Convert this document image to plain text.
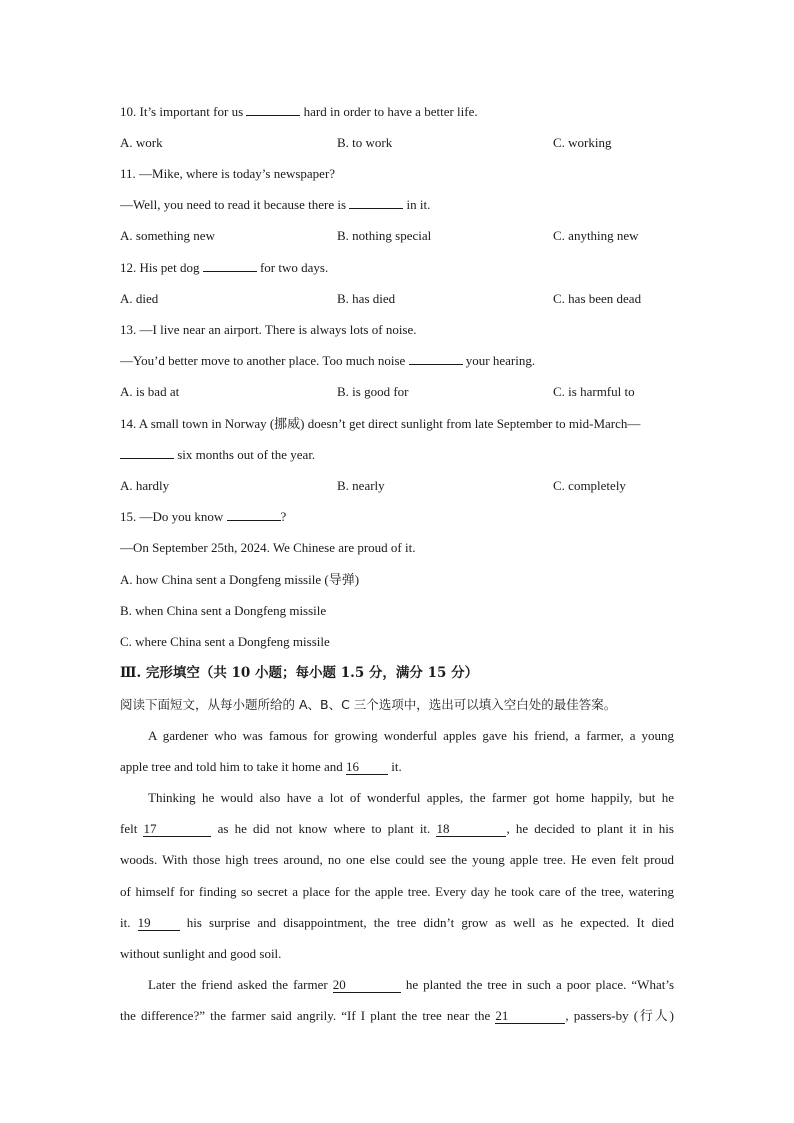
10. It’s important for us	hard in order to have a better life.
A. work	B. to work	C. working
11. —Mike, where is today’s newspaper?
—Well, you need to read it because there is	in it.
A. something new	B. nothing special	C. anything new
12. His pet dog	for two days.
A. died	B. has died	C. has been dead
13. —I live near an airport. There is always lots of noise.
—You’d better move to another place. Too much noise	your hearing.
A. is bad at	B. is good for	C. is harmful to
14. A small town in Norway (挪威) doesn’t get direct sunlight from late September to mid-March—
six months out of the year.
A. hardly	B. nearly	C. completely
15. —Do you know	?
—On September 25th, 2024. We Chinese are proud of it.
A. how China sent a Dongfeng missile (导弹)
B. when China sent a Dongfeng missile
C. where China sent a Dongfeng missile
Ⅲ. 完形填空（共 10 小题；每小题 1.5 分，满分 15 分）
阅读下面短文，从每小题所给的 A、B、C 三个选项中，选出可以填入空白处的最佳答案。
A gardener who was famous for growing wonderful apples gave his friend, a farmer, a young
apple tree and told him to take it home and 16 it.
Thinking he would also have a lot of wonderful apples, the farmer got home happily, but he
felt 17	as he did not know where to plant it. 18	, he decided to plant it in his
woods. With those high trees around, no one else could see the young apple tree. He even felt proud
of himself for finding so secret a place for the apple tree. Every day he took care of the tree, watering
it. 19 his surprise and disappointment, the tree didn’t grow as well as he expected. It died
without sunlight and good soil.
Later the friend asked the farmer 20	he planted the tree in such a poor place. “What’s
the difference?” the farmer said angrily. “If I plant the tree near the 21	, passers-by (行人)
